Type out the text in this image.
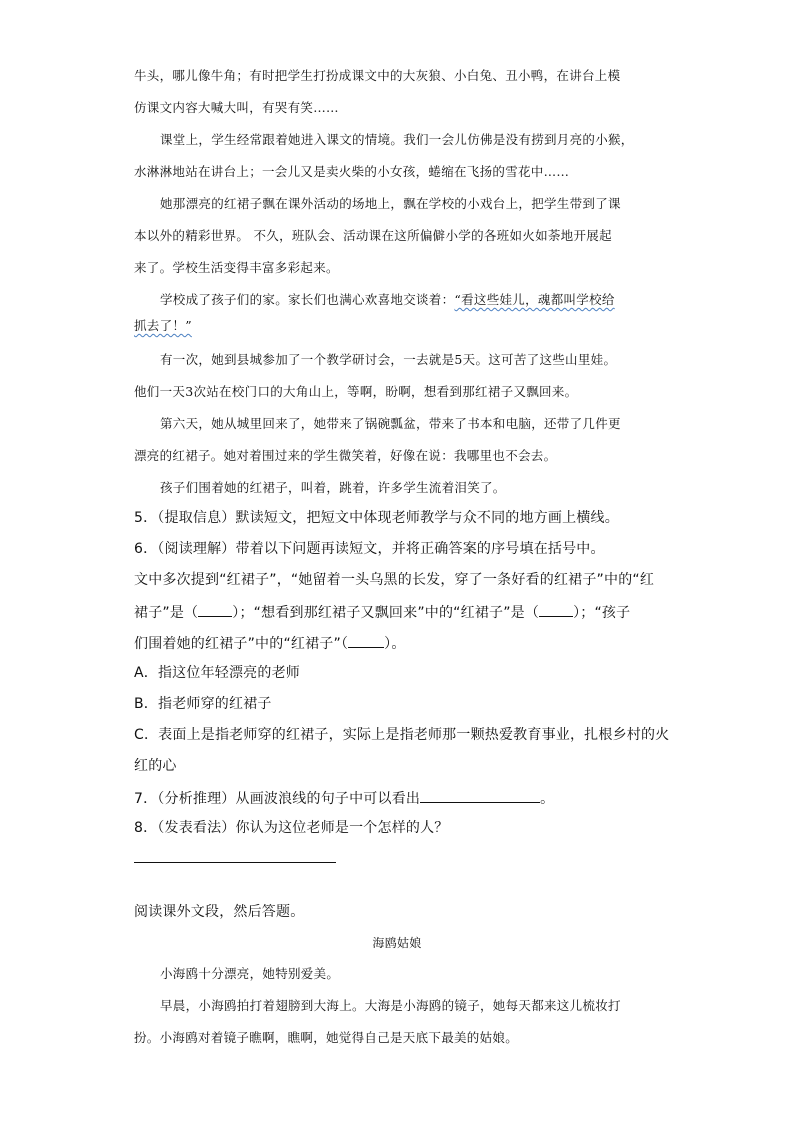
牛头，哪儿像牛角；有时把学生打扮成课文中的大灰狼、小白兔、丑小鸭，在讲台上模
仿课文内容大喊大叫，有哭有笑……
课堂上，学生经常跟着她进入课文的情境。我们一会儿仿佛是没有捞到月亮的小猴，
水淋淋地站在讲台上；一会儿又是卖火柴的小女孩，蜷缩在飞扬的雪花中……
她那漂亮的红裙子飘在课外活动的场地上，飘在学校的小戏台上，把学生带到了课
本以外的精彩世界。 不久，班队会、活动课在这所偏僻小学的各班如火如荼地开展起
来了。学校生活变得丰富多彩起来。
学校成了孩子们的家。家长们也满心欢喜地交谈着：“看这些娃儿，魂都叫学校给
抓去了！”
有一次，她到县城参加了一个教学研讨会，一去就是5天。这可苦了这些山里娃。
他们一天3次站在校门口的大角山上，等啊，盼啊，想看到那红裙子又飘回来。
第六天，她从城里回来了，她带来了锅碗瓢盆，带来了书本和电脑，还带了几件更
漂亮的红裙子。她对着围过来的学生微笑着，好像在说：我哪里也不会去。
孩子们围着她的红裙子，叫着，跳着，许多学生流着泪笑了。
5．（提取信息）默读短文，把短文中体现老师教学与众不同的地方画上横线。
6．（阅读理解）带着以下问题再读短文，并将正确答案的序号填在括号中。
文中多次提到“红裙子”，“她留着一头乌黑的长发，穿了一条好看的红裙子”中的“红
裙子”是（ ）；“想看到那红裙子又飘回来”中的“红裙子”是（ ）；“孩子
们围着她的红裙子”中的“红裙子”（	）。
A．指这位年轻漂亮的老师
B．指老师穿的红裙子
C．表面上是指老师穿的红裙子，实际上是指老师那一颗热爱教育事业，扎根乡村的火
红的心
7．（分析推理）从画波浪线的句子中可以看出	。
8．（发表看法）你认为这位老师是一个怎样的人？
阅读课外文段，然后答题。
海鸥姑娘
小海鸥十分漂亮，她特别爱美。
早晨，小海鸥拍打着翅膀到大海上。大海是小海鸥的镜子，她每天都来这儿梳妆打
扮。小海鸥对着镜子瞧啊，瞧啊，她觉得自己是天底下最美的姑娘。
